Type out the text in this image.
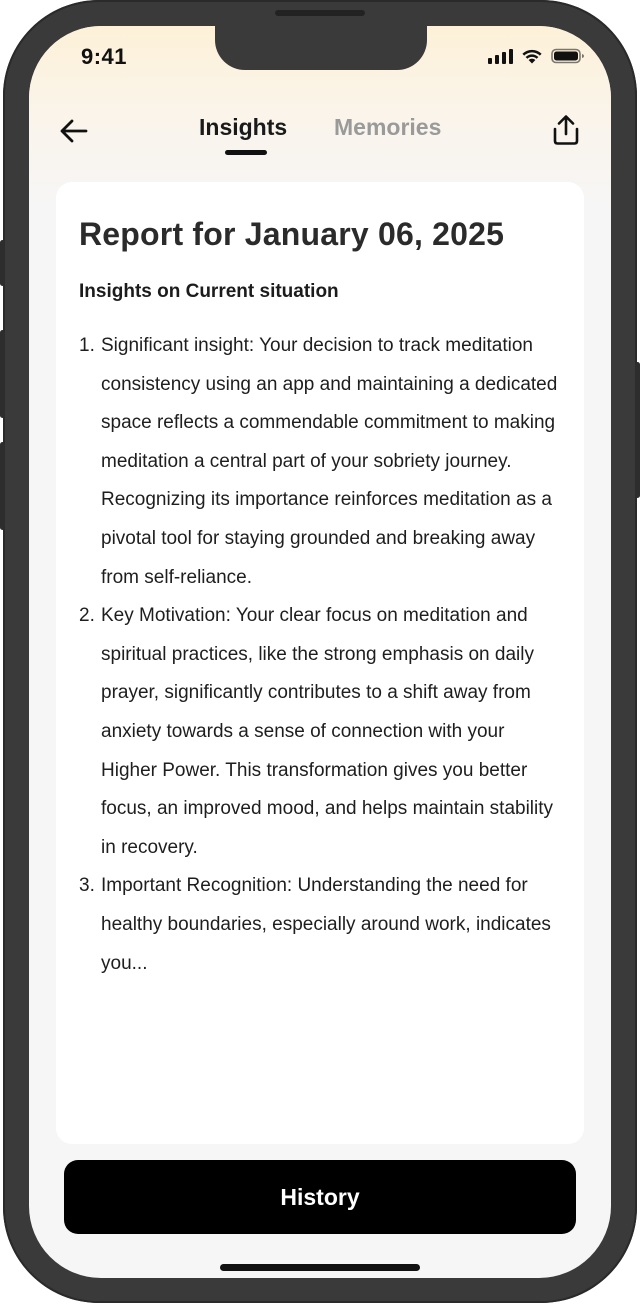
9:41
Insights Memories
Report for January 06, 2025
Insights on Current situation
1. Significant insight: Your decision to track meditation consistency using an app and maintaining a dedicated space reflects a commendable commitment to making meditation a central part of your sobriety journey. Recognizing its importance reinforces meditation as a pivotal tool for staying grounded and breaking away from self-reliance.
2. Key Motivation: Your clear focus on meditation and spiritual practices, like the strong emphasis on daily prayer, significantly contributes to a shift away from anxiety towards a sense of connection with your Higher Power. This transformation gives you better focus, an improved mood, and helps maintain stability in recovery.
3. Important Recognition: Understanding the need for healthy boundaries, especially around work, indicates you...
History
